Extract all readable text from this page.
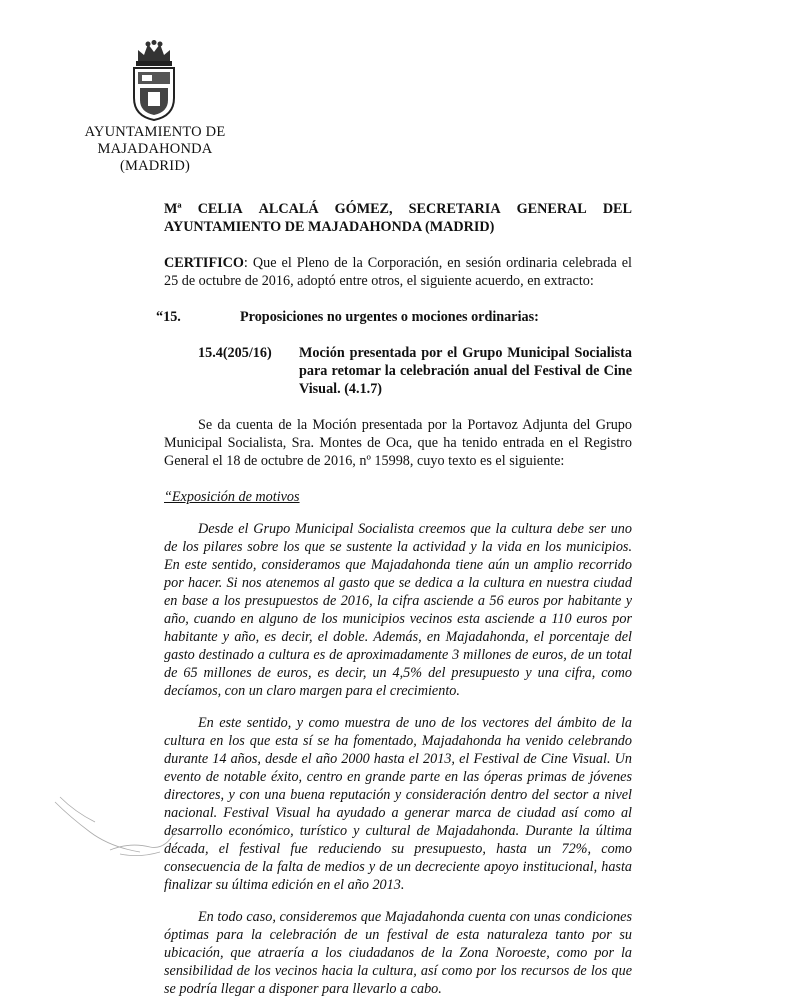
AYUNTAMIENTO DE
MAJADAHONDA
(MADRID)
Mª CELIA ALCALÁ GÓMEZ, SECRETARIA GENERAL DEL
AYUNTAMIENTO DE MAJADAHONDA (MADRID)
CERTIFICO: Que el Pleno de la Corporación, en sesión ordinaria celebrada el 25 de octubre de 2016, adoptó entre otros, el siguiente acuerdo, en extracto:
“15.	Proposiciones no urgentes o mociones ordinarias:
15.4(205/16)	Moción presentada por el Grupo Municipal Socialista para retomar la celebración anual del Festival de Cine Visual. (4.1.7)
Se da cuenta de la Moción presentada por la Portavoz Adjunta del Grupo Municipal Socialista, Sra. Montes de Oca, que ha tenido entrada en el Registro General el 18 de octubre de 2016, nº 15998, cuyo texto es el siguiente:
“Exposición de motivos
Desde el Grupo Municipal Socialista creemos que la cultura debe ser uno de los pilares sobre los que se sustente la actividad y la vida en los municipios. En este sentido, consideramos que Majadahonda tiene aún un amplio recorrido por hacer. Si nos atenemos al gasto que se dedica a la cultura en nuestra ciudad en base a los presupuestos de 2016, la cifra asciende a 56 euros por habitante y año, cuando en alguno de los municipios vecinos esta asciende a 110 euros por habitante y año, es decir, el doble. Además, en Majadahonda, el porcentaje del gasto destinado a cultura es de aproximadamente 3 millones de euros, de un total de 65 millones de euros, es decir, un 4,5% del presupuesto y una cifra, como decíamos, con un claro margen para el crecimiento.
En este sentido, y como muestra de uno de los vectores del ámbito de la cultura en los que esta sí se ha fomentado, Majadahonda ha venido celebrando durante 14 años, desde el año 2000 hasta el 2013, el Festival de Cine Visual. Un evento de notable éxito, centro en grande parte en las óperas primas de jóvenes directores, y con una buena reputación y consideración dentro del sector a nivel nacional. Festival Visual ha ayudado a generar marca de ciudad así como al desarrollo económico, turístico y cultural de Majadahonda. Durante la última década, el festival fue reduciendo su presupuesto, hasta un 72%, como consecuencia de la falta de medios y de un decreciente apoyo institucional, hasta finalizar su última edición en el año 2013.
En todo caso, consideremos que Majadahonda cuenta con unas condiciones óptimas para la celebración de un festival de esta naturaleza tanto por su ubicación, que atraería a los ciudadanos de la Zona Noroeste, como por la sensibilidad de los vecinos hacia la cultura, así como por los recursos de los que se podría llegar a disponer para llevarlo a cabo.
